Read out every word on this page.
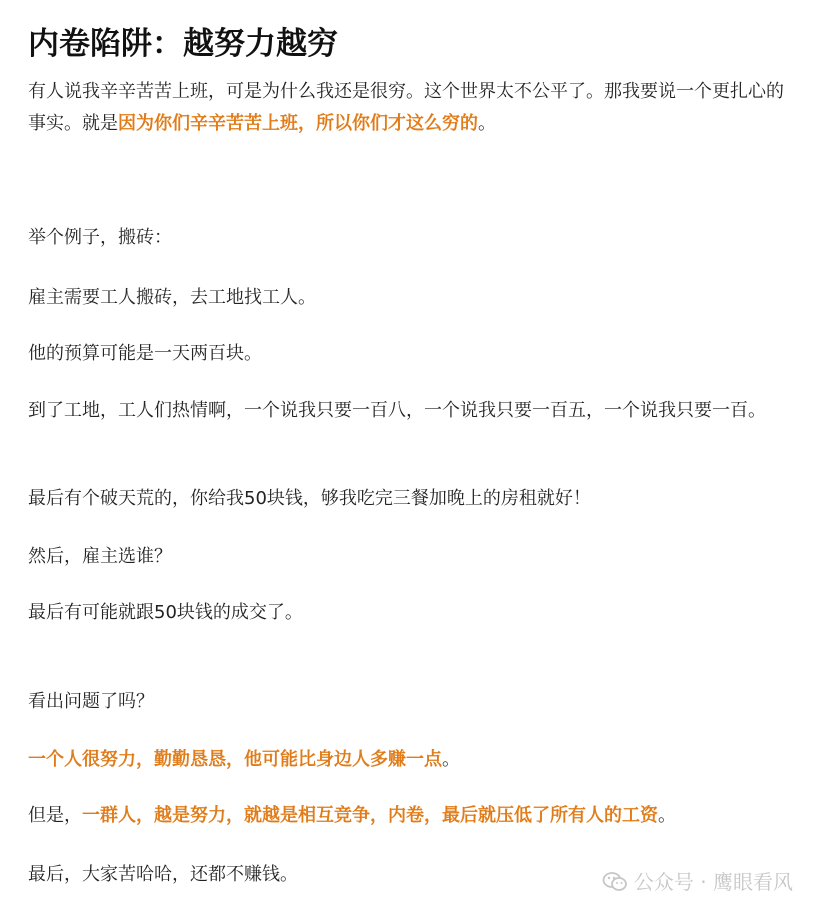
内卷陷阱：越努力越穷

有人说我辛辛苦苦上班，可是为什么我还是很穷。这个世界太不公平了。那我要说一个更扎心的事实。就是因为你们辛辛苦苦上班，所以你们才这么穷的。

举个例子，搬砖：

雇主需要工人搬砖，去工地找工人。

他的预算可能是一天两百块。

到了工地，工人们热情啊，一个说我只要一百八，一个说我只要一百五，一个说我只要一百。

最后有个破天荒的，你给我50块钱，够我吃完三餐加晚上的房租就好！

然后，雇主选谁？

最后有可能就跟50块钱的成交了。

看出问题了吗？

一个人很努力，勤勤恳恳，他可能比身边人多赚一点。

但是，一群人，越是努力，就越是相互竞争，内卷，最后就压低了所有人的工资。

最后，大家苦哈哈，还都不赚钱。	公众号 · 鹰眼看风
